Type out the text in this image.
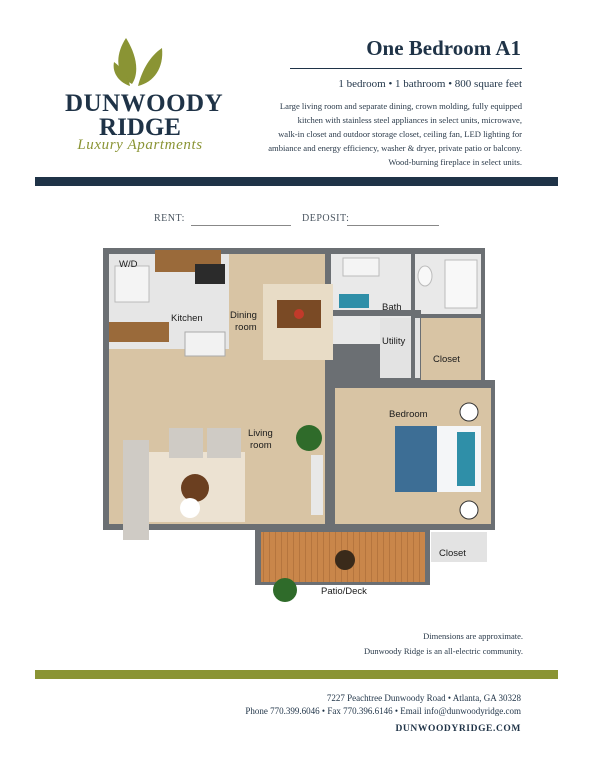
DUNWOODY
RIDGE
Luxury Apartments
One Bedroom A1
1 bedroom • 1 bathroom • 800 square feet
Large living room and separate dining, crown molding, fully equipped
kitchen with stainless steel appliances in select units, microwave,
walk-in closet and outdoor storage closet, ceiling fan, LED lighting for
ambiance and energy efficiency, washer & dryer, private patio or balcony.
Wood-burning fireplace in select units.
RENT:	DEPOSIT:
W/D
Kitchen	Dining
room
Bath
Utility
Closet
Living
room
Bedroom
Closet
Patio/Deck
Dimensions are approximate.
Dunwoody Ridge is an all-electric community.
7227 Peachtree Dunwoody Road • Atlanta, GA 30328
Phone 770.399.6046 • Fax 770.396.6146 • Email info@dunwoodyridge.com
DUNWOODYRIDGE.COM
